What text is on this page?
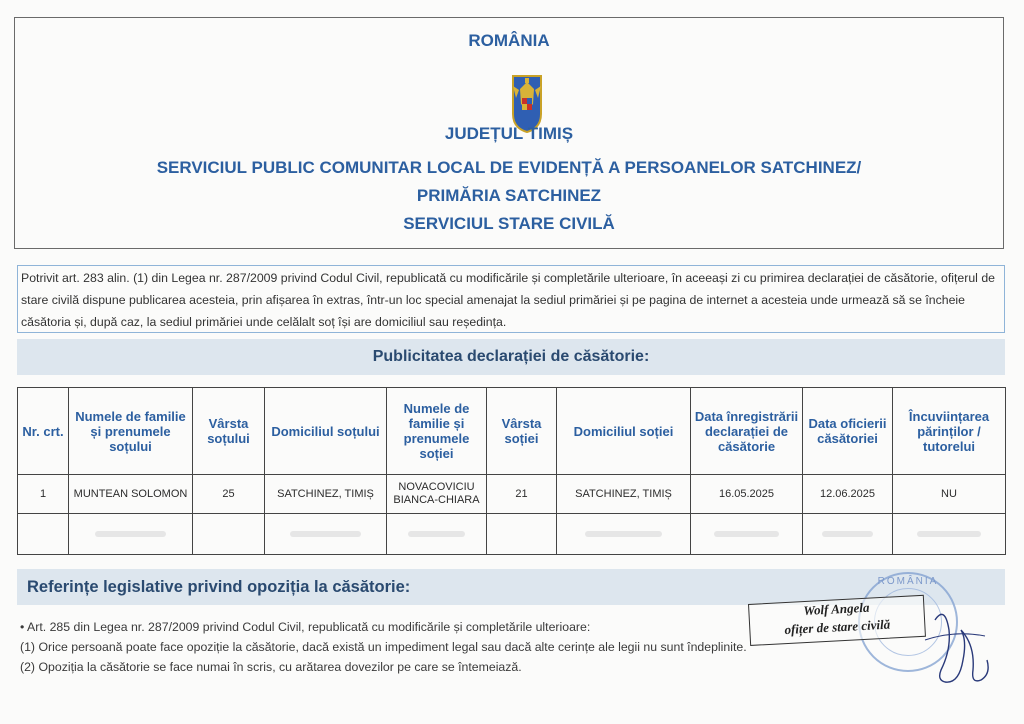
ROMÂNIA
JUDEȚUL TIMIȘ
SERVICIUL PUBLIC COMUNITAR LOCAL DE EVIDENȚĂ A PERSOANELOR SATCHINEZ/
PRIMĂRIA SATCHINEZ
SERVICIUL STARE CIVILĂ
Potrivit art. 283 alin. (1) din Legea nr. 287/2009 privind Codul Civil, republicată cu modificările și completările ulterioare, în aceeași zi cu primirea declarației de căsătorie, ofițerul de stare civilă dispune publicarea acesteia, prin afișarea în extras, într-un loc special amenajat la sediul primăriei și pe pagina de internet a acesteia unde urmează să se încheie căsătoria și, după caz, la sediul primăriei unde celălalt soț își are domiciliul sau reședința.
Publicitatea declarației de căsătorie:
Nr. crt.	Numele de familie și prenumele soțului	Vârsta soțului	Domiciliul soțului	Numele de familie și prenumele soției	Vârsta soției	Domiciliul soției	Data înregistrării declarației de căsătorie	Data oficierii căsătoriei	Încuviințarea părinților / tutorelui
1	MUNTEAN SOLOMON	25	SATCHINEZ, TIMIȘ	NOVACOVICIU BIANCA-CHIARA	21	SATCHINEZ, TIMIȘ	16.05.2025	12.06.2025	NU

Referințe legislative privind opoziția la căsătorie:
• Art. 285 din Legea nr. 287/2009 privind Codul Civil, republicată cu modificările și completările ulterioare:
(1) Orice persoană poate face opoziție la căsătorie, dacă există un impediment legal sau dacă alte cerințe ale legii nu sunt îndeplinite.
(2) Opoziția la căsătorie se face numai în scris, cu arătarea dovezilor pe care se întemeiază.
ROMÂNIA
Wolf Angela
ofițer de stare civilă
